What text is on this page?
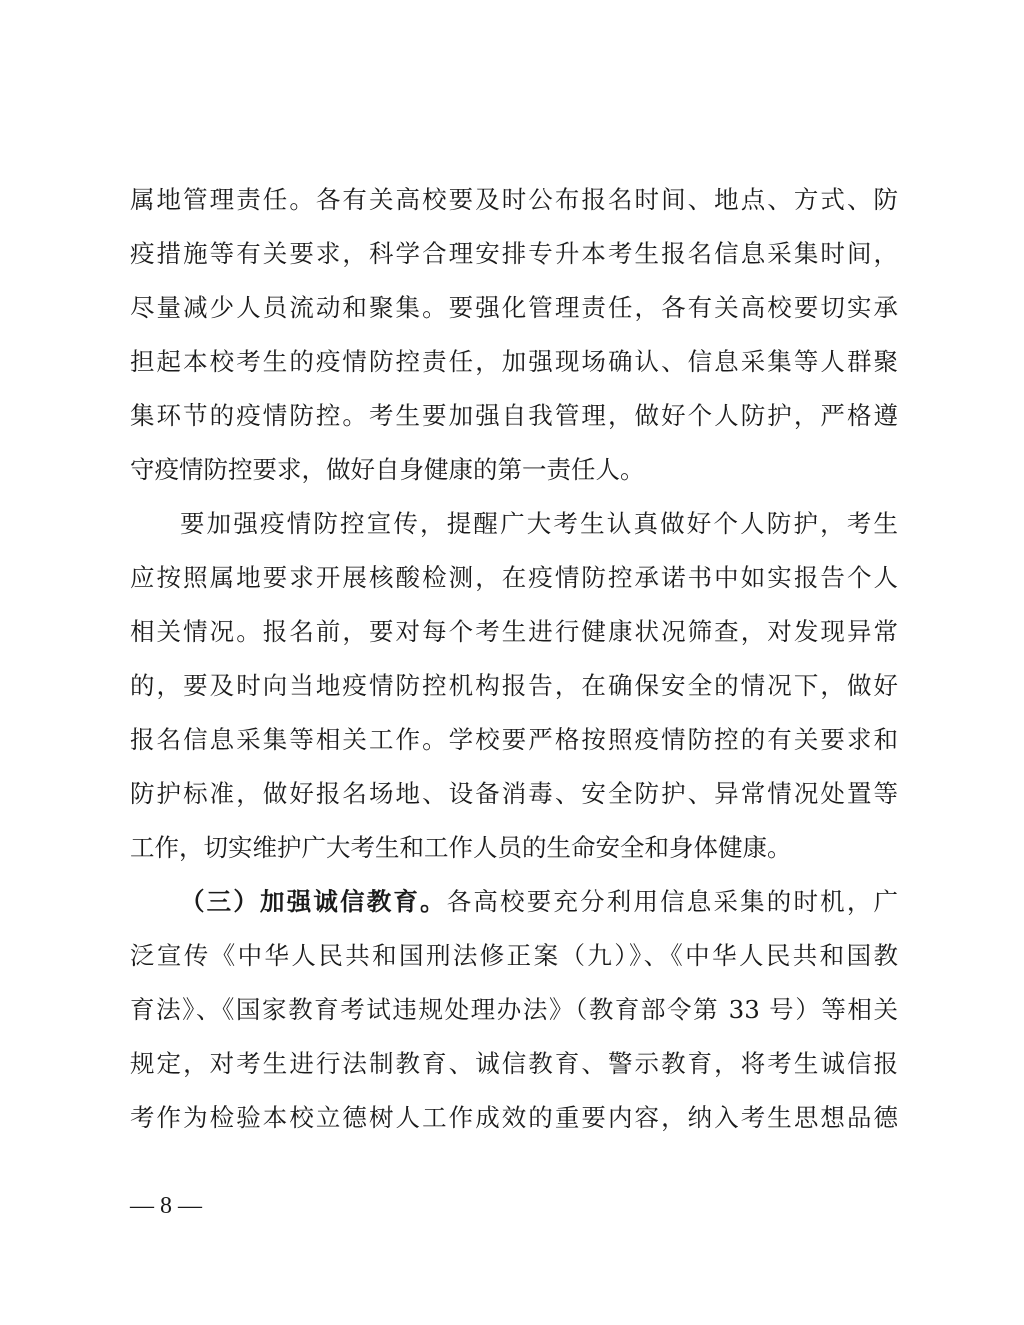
属地管理责任。各有关高校要及时公布报名时间、地点、方式、防
疫措施等有关要求，科学合理安排专升本考生报名信息采集时间，
尽量减少人员流动和聚集。要强化管理责任，各有关高校要切实承
担起本校考生的疫情防控责任，加强现场确认、信息采集等人群聚
集环节的疫情防控。考生要加强自我管理，做好个人防护，严格遵
守疫情防控要求，做好自身健康的第一责任人。
要加强疫情防控宣传，提醒广大考生认真做好个人防护，考生
应按照属地要求开展核酸检测，在疫情防控承诺书中如实报告个人
相关情况。报名前，要对每个考生进行健康状况筛查，对发现异常
的，要及时向当地疫情防控机构报告，在确保安全的情况下，做好
报名信息采集等相关工作。学校要严格按照疫情防控的有关要求和
防护标准，做好报名场地、设备消毒、安全防护、异常情况处置等
工作，切实维护广大考生和工作人员的生命安全和身体健康。
（三）加强诚信教育。各高校要充分利用信息采集的时机，广
泛宣传《中华人民共和国刑法修正案（九）》、《中华人民共和国教
育法》、《国家教育考试违规处理办法》（教育部令第 33 号）等相关
规定，对考生进行法制教育、诚信教育、警示教育，将考生诚信报
考作为检验本校立德树人工作成效的重要内容，纳入考生思想品德
— 8 —
